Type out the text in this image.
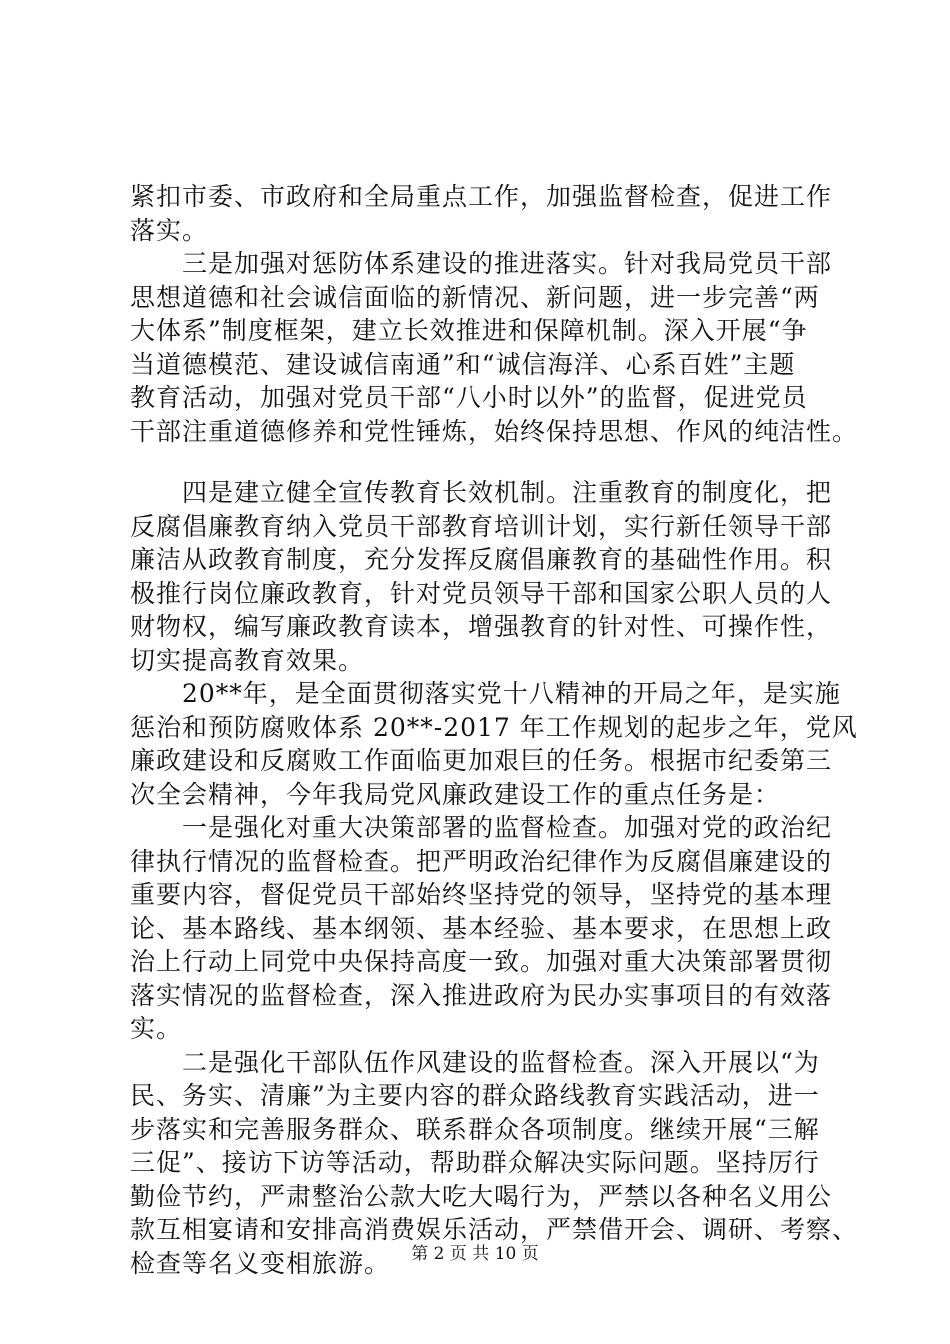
紧扣市委、市政府和全局重点工作，加强监督检查，促进工作
落实。
三是加强对惩防体系建设的推进落实。针对我局党员干部
思想道德和社会诚信面临的新情况、新问题，进一步完善“两
大体系”制度框架，建立长效推进和保障机制。深入开展“争
当道德模范、建设诚信南通”和“诚信海洋、心系百姓”主题
教育活动，加强对党员干部“八小时以外”的监督，促进党员
干部注重道德修养和党性锤炼，始终保持思想、作风的纯洁性。
四是建立健全宣传教育长效机制。注重教育的制度化，把
反腐倡廉教育纳入党员干部教育培训计划，实行新任领导干部
廉洁从政教育制度，充分发挥反腐倡廉教育的基础性作用。积
极推行岗位廉政教育，针对党员领导干部和国家公职人员的人
财物权，编写廉政教育读本，增强教育的针对性、可操作性，
切实提高教育效果。
20**年，是全面贯彻落实党十八精神的开局之年，是实施
惩治和预防腐败体系 20**-2017 年工作规划的起步之年，党风
廉政建设和反腐败工作面临更加艰巨的任务。根据市纪委第三
次全会精神，今年我局党风廉政建设工作的重点任务是：
一是强化对重大决策部署的监督检查。加强对党的政治纪
律执行情况的监督检查。把严明政治纪律作为反腐倡廉建设的
重要内容，督促党员干部始终坚持党的领导，坚持党的基本理
论、基本路线、基本纲领、基本经验、基本要求，在思想上政
治上行动上同党中央保持高度一致。加强对重大决策部署贯彻
落实情况的监督检查，深入推进政府为民办实事项目的有效落
实。
二是强化干部队伍作风建设的监督检查。深入开展以“为
民、务实、清廉”为主要内容的群众路线教育实践活动，进一
步落实和完善服务群众、联系群众各项制度。继续开展“三解
三促”、接访下访等活动，帮助群众解决实际问题。坚持厉行
勤俭节约，严肃整治公款大吃大喝行为，严禁以各种名义用公
款互相宴请和安排高消费娱乐活动，严禁借开会、调研、考察、
检查等名义变相旅游。	第 2 页 共 10 页
